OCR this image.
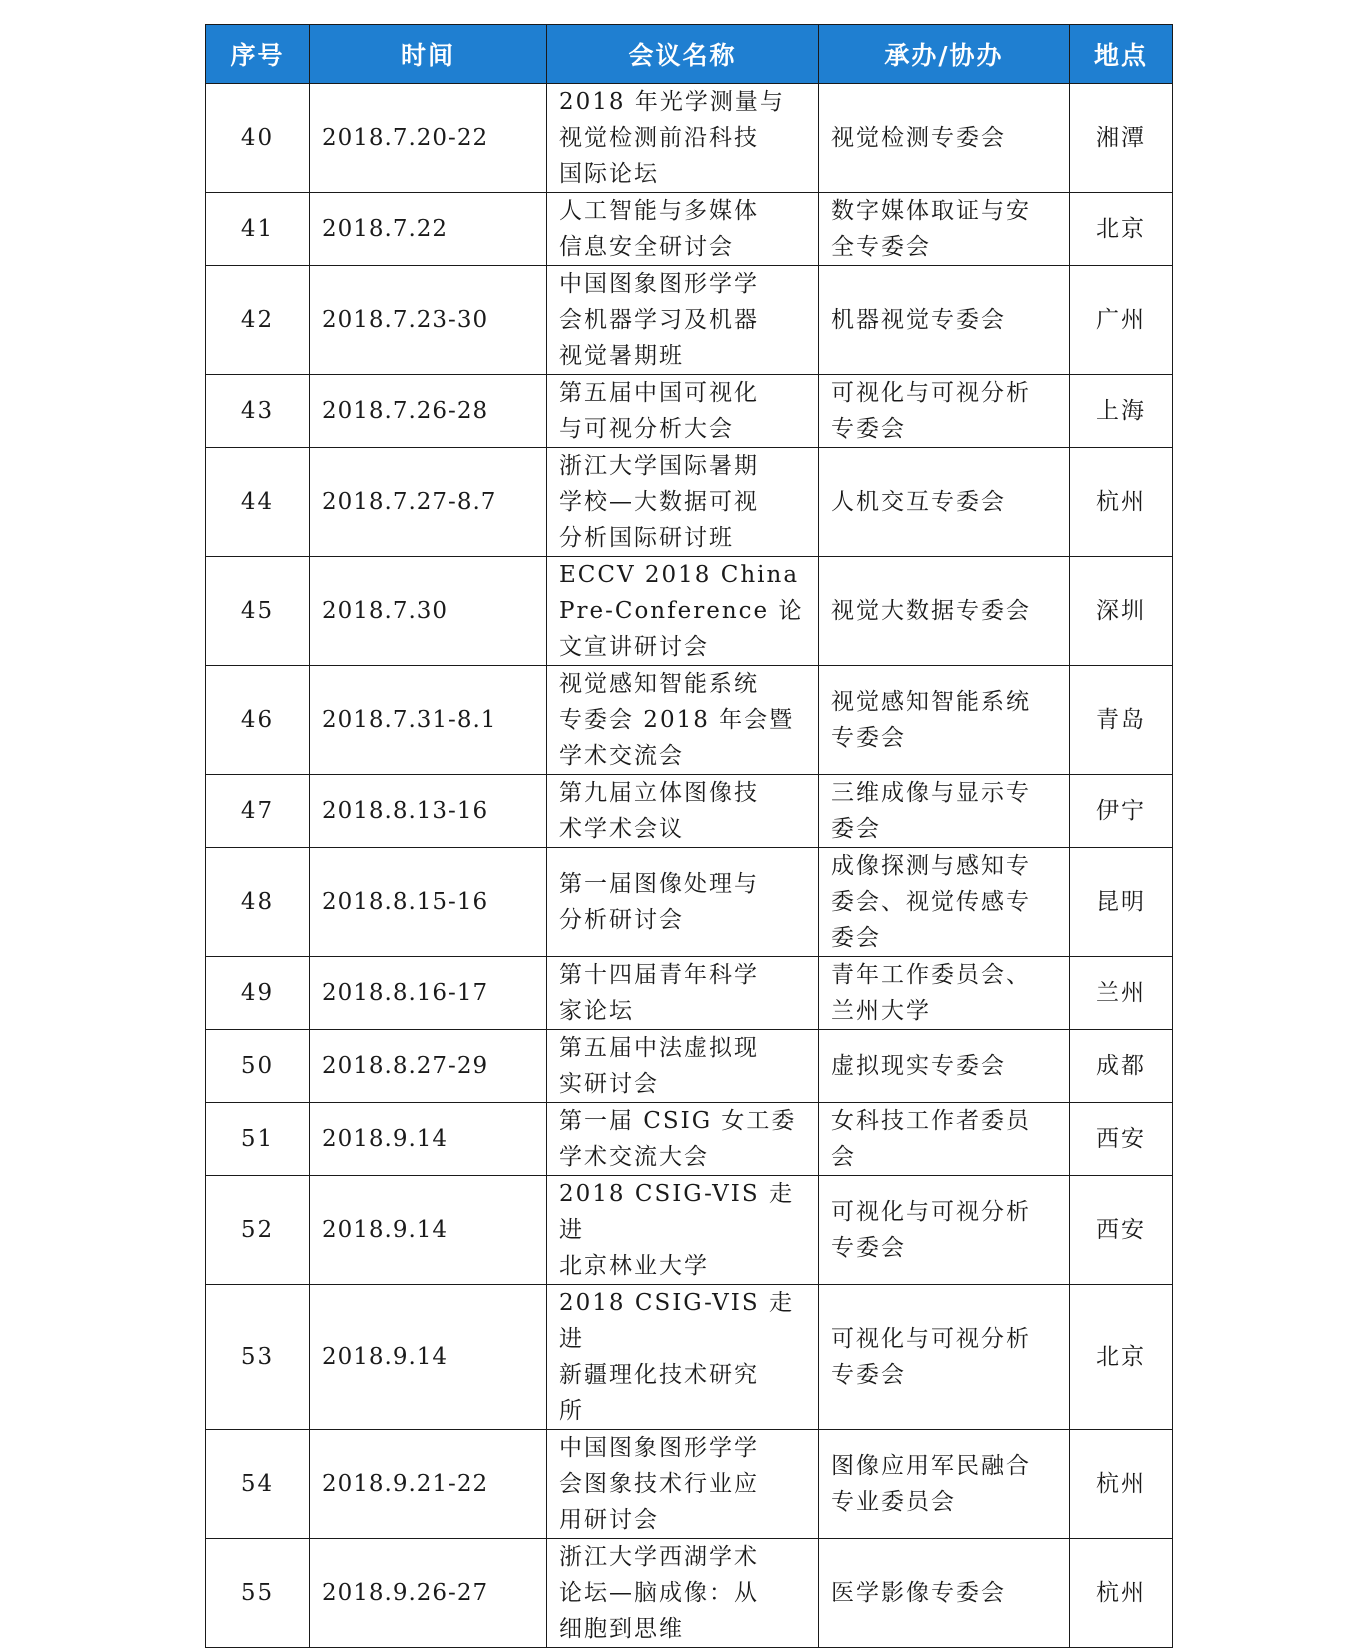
序号	时间	会议名称	承办/协办	地点
40	2018.7.20-22	2018 年光学测量与
视觉检测前沿科技
国际论坛	视觉检测专委会	湘潭
41	2018.7.22	人工智能与多媒体
信息安全研讨会	数字媒体取证与安
全专委会	北京
42	2018.7.23-30	中国图象图形学学
会机器学习及机器
视觉暑期班	机器视觉专委会	广州
43	2018.7.26-28	第五届中国可视化
与可视分析大会	可视化与可视分析
专委会	上海
44	2018.7.27-8.7	浙江大学国际暑期
学校—大数据可视
分析国际研讨班	人机交互专委会	杭州
45	2018.7.30	ECCV 2018 China
Pre-Conference 论
文宣讲研讨会	视觉大数据专委会	深圳
46	2018.7.31-8.1	视觉感知智能系统
专委会 2018 年会暨
学术交流会	视觉感知智能系统
专委会	青岛
47	2018.8.13-16	第九届立体图像技
术学术会议	三维成像与显示专
委会	伊宁
48	2018.8.15-16	第一届图像处理与
分析研讨会	成像探测与感知专
委会、视觉传感专
委会	昆明
49	2018.8.16-17	第十四届青年科学
家论坛	青年工作委员会、
兰州大学	兰州
50	2018.8.27-29	第五届中法虚拟现
实研讨会	虚拟现实专委会	成都
51	2018.9.14	第一届 CSIG 女工委
学术交流大会	女科技工作者委员
会	西安
52	2018.9.14	2018 CSIG-VIS 走进
北京林业大学	可视化与可视分析
专委会	西安
53	2018.9.14	2018 CSIG-VIS 走进
新疆理化技术研究
所	可视化与可视分析
专委会	北京
54	2018.9.21-22	中国图象图形学学
会图象技术行业应
用研讨会	图像应用军民融合
专业委员会	杭州
55	2018.9.26-27	浙江大学西湖学术
论坛—脑成像：从
细胞到思维	医学影像专委会	杭州
